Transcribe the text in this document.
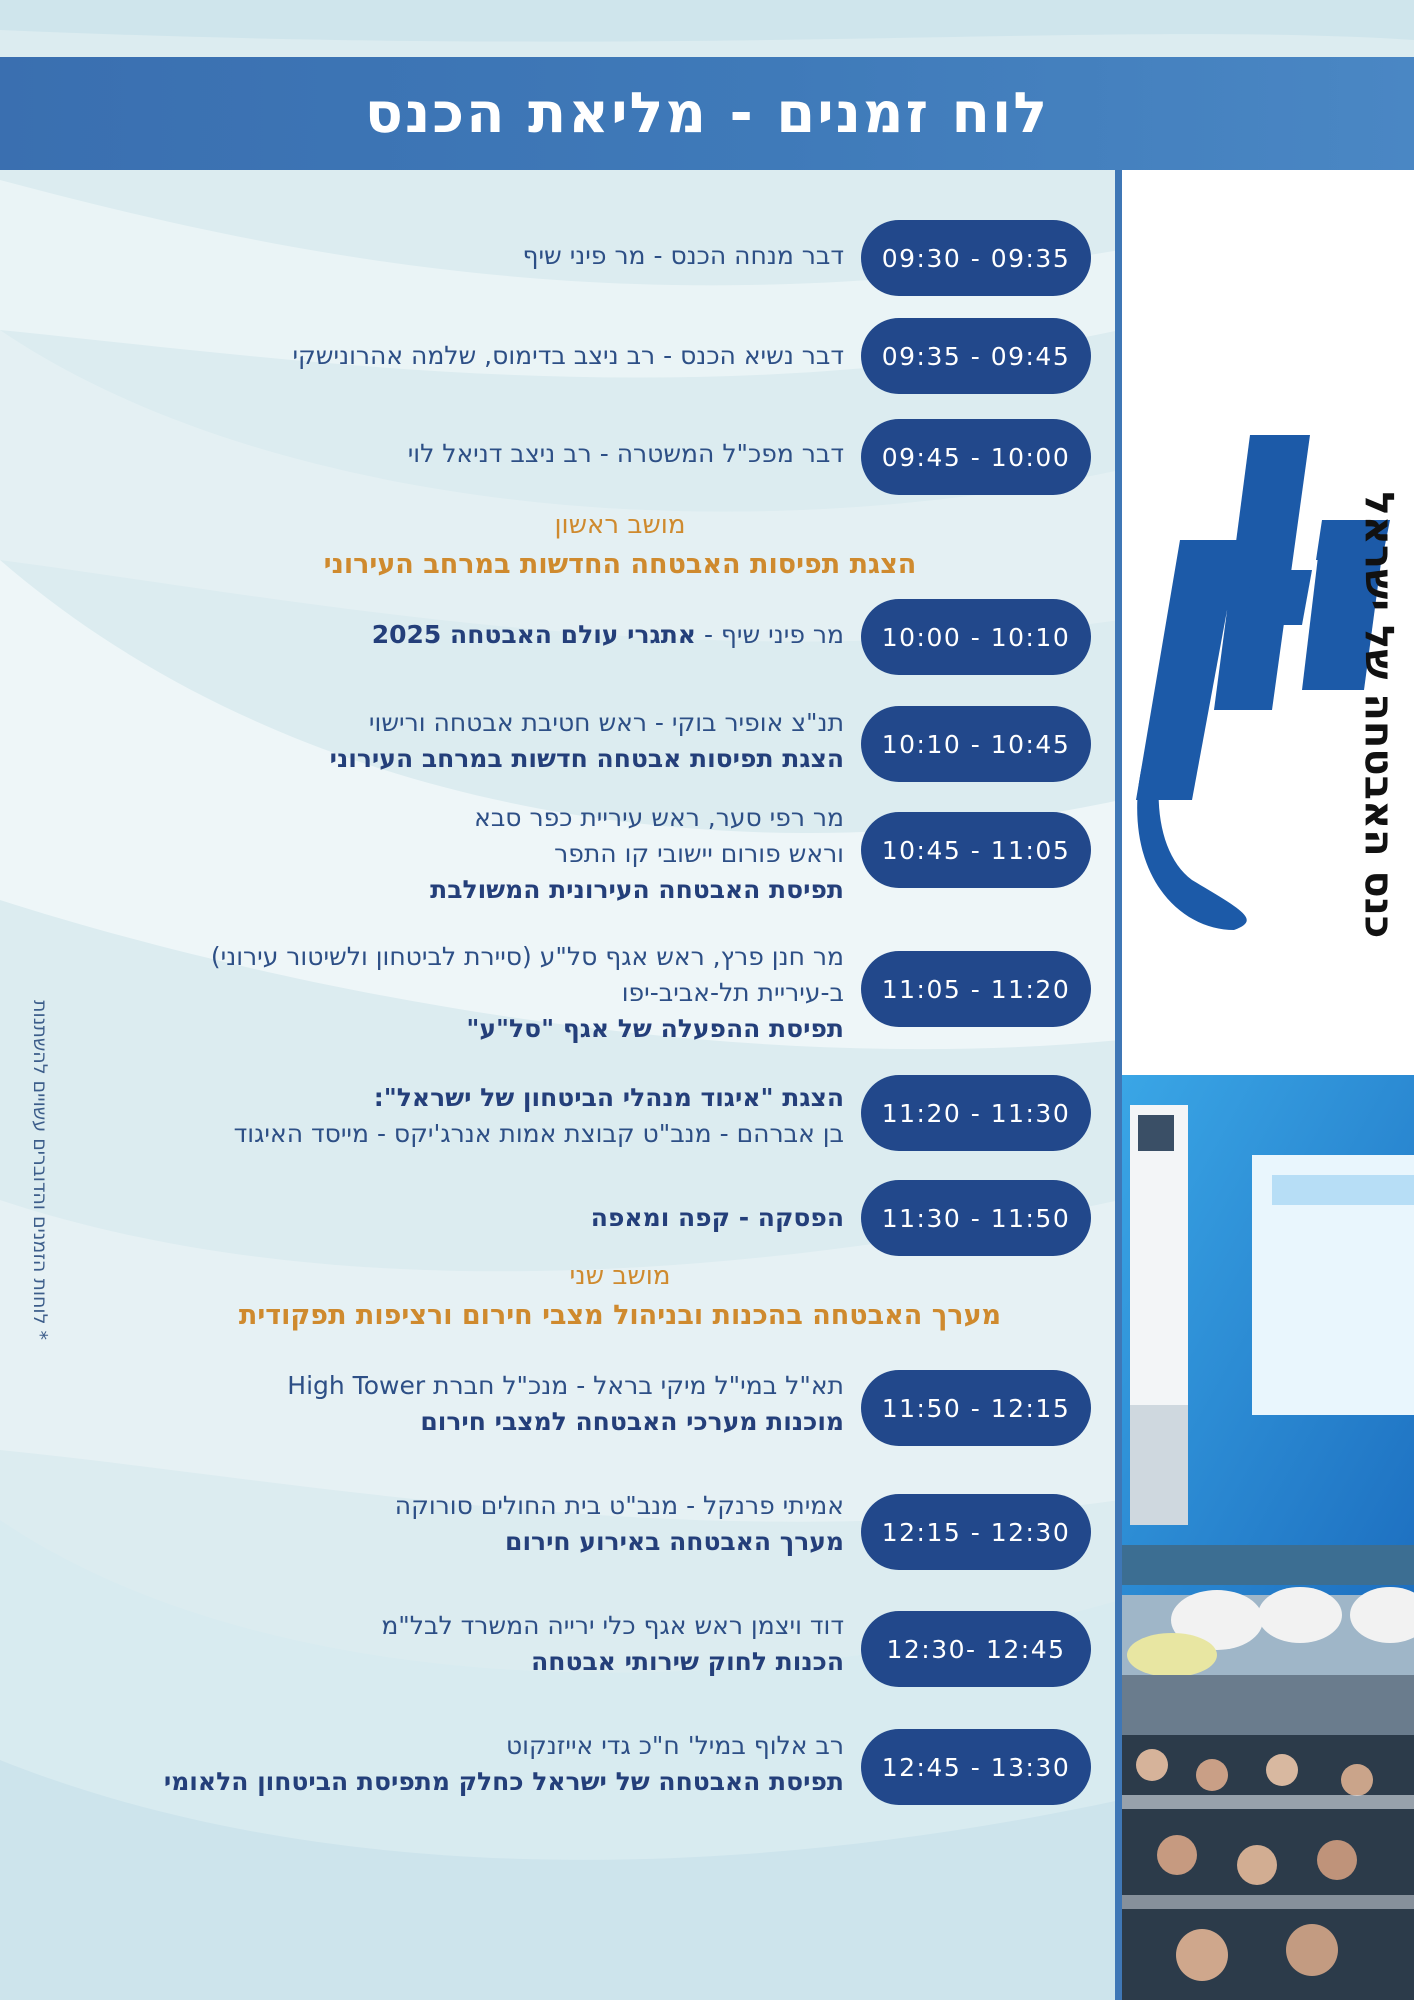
לוח זמנים - מליאת הכנס
כנס האבטחה של ישראל
* לוחות הזמנים והדוברים עשויים להשתנות
09:30 - 09:35
דבר מנחה הכנס - מר פיני שיף
09:35 - 09:45
דבר נשיא הכנס - רב ניצב בדימוס, שלמה אהרונישקי
09:45 - 10:00
דבר מפכ"ל המשטרה - רב ניצב דניאל לוי
מושב ראשון
הצגת תפיסות האבטחה החדשות במרחב העירוני
10:00 - 10:10
מר פיני שיף - אתגרי עולם האבטחה 2025
10:10 - 10:45
תנ"צ אופיר בוקי - ראש חטיבת אבטחה ורישוי
הצגת תפיסות אבטחה חדשות במרחב העירוני
10:45 - 11:05
מר רפי סער, ראש עיריית כפר סבא
וראש פורום יישובי קו התפר
תפיסת האבטחה העירונית המשולבת
11:05 - 11:20
מר חנן פרץ, ראש אגף סל"ע (סיירת לביטחון ולשיטור עירוני)
ב-עיריית תל-אביב-יפו
תפיסת ההפעלה של אגף "סל"ע"
11:20 - 11:30
הצגת "איגוד מנהלי הביטחון של ישראל":
בן אברהם - מנב"ט קבוצת אמות אנרג'יקס - מייסד האיגוד
11:30 - 11:50
הפסקה - קפה ומאפה
מושב שני
מערך האבטחה בהכנות ובניהול מצבי חירום ורציפות תפקודית
11:50 - 12:15
תא"ל במי"ל מיקי בראל - מנכ"ל חברת High Tower
מוכנות מערכי האבטחה למצבי חירום
12:15 - 12:30
אמיתי פרנקל - מנב"ט בית החולים סורוקה
מערך האבטחה באירוע חירום
12:30- 12:45
דוד ויצמן ראש אגף כלי ירייה המשרד לבל"מ
הכנות לחוק שירותי אבטחה
12:45 - 13:30
רב אלוף במיל' ח"כ גדי אייזנקוט
תפיסת האבטחה של ישראל כחלק מתפיסת הביטחון הלאומי
